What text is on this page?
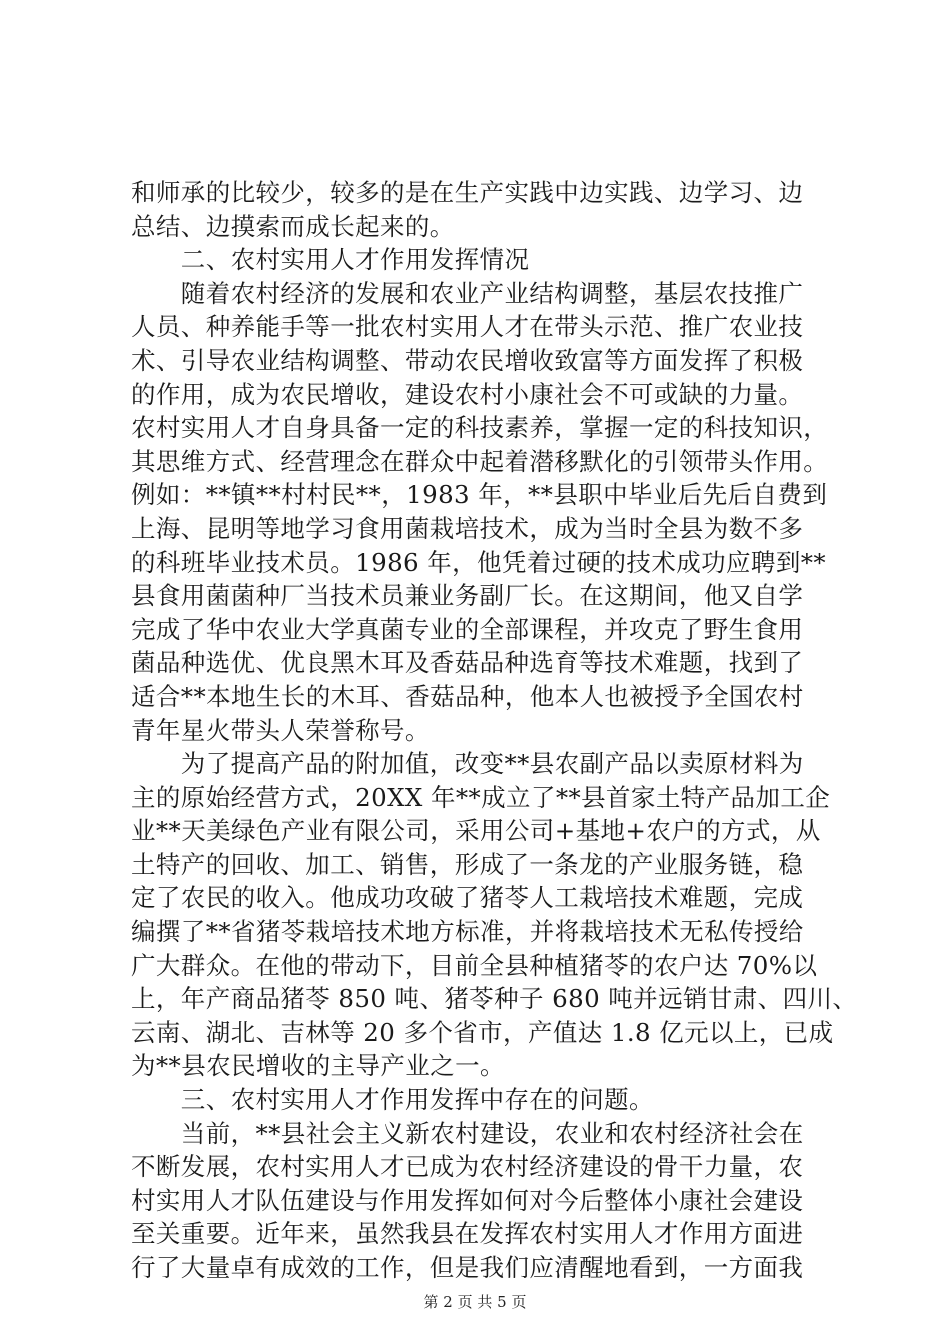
和师承的比较少，较多的是在生产实践中边实践、边学习、边
总结、边摸索而成长起来的。
　　二、农村实用人才作用发挥情况
　　随着农村经济的发展和农业产业结构调整，基层农技推广
人员、种养能手等一批农村实用人才在带头示范、推广农业技
术、引导农业结构调整、带动农民增收致富等方面发挥了积极
的作用，成为农民增收，建设农村小康社会不可或缺的力量。
农村实用人才自身具备一定的科技素养，掌握一定的科技知识，
其思维方式、经营理念在群众中起着潜移默化的引领带头作用。
例如：**镇**村村民**，1983 年，**县职中毕业后先后自费到
上海、昆明等地学习食用菌栽培技术，成为当时全县为数不多
的科班毕业技术员。1986 年，他凭着过硬的技术成功应聘到**
县食用菌菌种厂当技术员兼业务副厂长。在这期间，他又自学
完成了华中农业大学真菌专业的全部课程，并攻克了野生食用
菌品种选优、优良黑木耳及香菇品种选育等技术难题，找到了
适合**本地生长的木耳、香菇品种，他本人也被授予全国农村
青年星火带头人荣誉称号。
　　为了提高产品的附加值，改变**县农副产品以卖原材料为
主的原始经营方式，20XX 年**成立了**县首家土特产品加工企
业**天美绿色产业有限公司，采用公司+基地+农户的方式，从
土特产的回收、加工、销售，形成了一条龙的产业服务链，稳
定了农民的收入。他成功攻破了猪苓人工栽培技术难题，完成
编撰了**省猪苓栽培技术地方标准，并将栽培技术无私传授给
广大群众。在他的带动下，目前全县种植猪苓的农户达 70%以
上，年产商品猪苓 850 吨、猪苓种子 680 吨并远销甘肃、四川、
云南、湖北、吉林等 20 多个省市，产值达 1.8 亿元以上，已成
为**县农民增收的主导产业之一。
　　三、农村实用人才作用发挥中存在的问题。
　　当前，**县社会主义新农村建设，农业和农村经济社会在
不断发展，农村实用人才已成为农村经济建设的骨干力量，农
村实用人才队伍建设与作用发挥如何对今后整体小康社会建设
至关重要。近年来，虽然我县在发挥农村实用人才作用方面进
行了大量卓有成效的工作，但是我们应清醒地看到，一方面我
第 2 页 共 5 页
